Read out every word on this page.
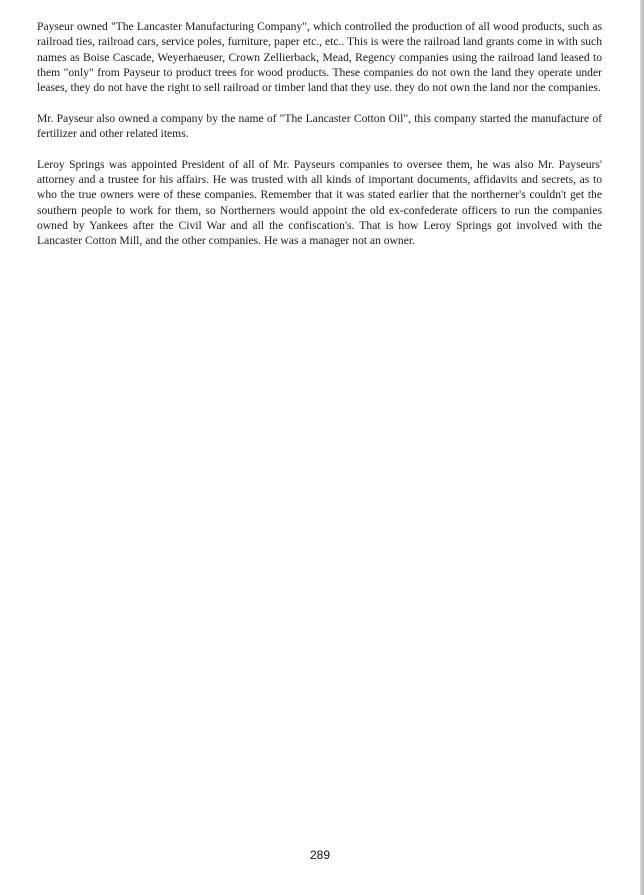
Payseur owned "The Lancaster Manufacturing Company", which controlled the production of all wood products, such as railroad ties, railroad cars, service poles, furniture, paper etc., etc.. This is were the railroad land grants come in with such names as Boise Cascade, Weyerhaeuser, Crown Zellierback, Mead, Regency companies using the railroad land leased to them "only" from Payseur to product trees for wood products. These companies do not own the land they operate under leases, they do not have the right to sell railroad or timber land that they use. they do not own the land nor the companies.

Mr. Payseur also owned a company by the name of "The Lancaster Cotton Oil", this company started the manufacture of fertilizer and other related items.

Leroy Springs was appointed President of all of Mr. Payseurs companies to oversee them, he was also Mr. Payseurs' attorney and a trustee for his affairs. He was trusted with all kinds of important documents, affidavits and secrets, as to who the true owners were of these companies. Remember that it was stated earlier that the northerner's couldn't get the southern people to work for them, so Northerners would appoint the old ex-confederate officers to run the companies owned by Yankees after the Civil War and all the confiscation's. That is how Leroy Springs got involved with the Lancaster Cotton Mill, and the other companies. He was a manager not an owner.

289
